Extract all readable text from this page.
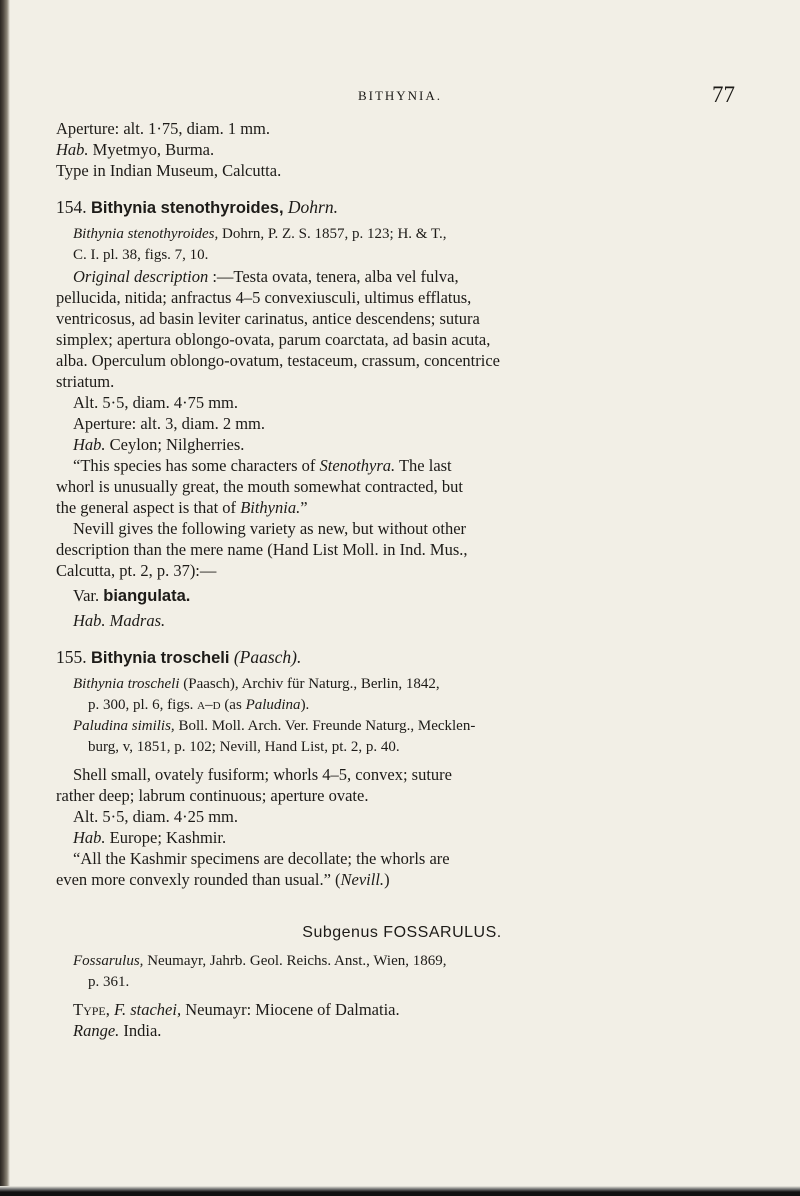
BITHYNIA.	77
Aperture: alt. 1·75, diam. 1 mm.
Hab. Myetmyo, Burma.
Type in Indian Museum, Calcutta.
154. Bithynia stenothyroides, Dohrn.
Bithynia stenothyroides, Dohrn, P. Z. S. 1857, p. 123; H. & T.,
C. I. pl. 38, figs. 7, 10.
Original description :—Testa ovata, tenera, alba vel fulva,
pellucida, nitida; anfractus 4–5 convexiusculi, ultimus efflatus,
ventricosus, ad basin leviter carinatus, antice descendens; sutura
simplex; apertura oblongo-ovata, parum coarctata, ad basin acuta,
alba. Operculum oblongo-ovatum, testaceum, crassum, concentrice
striatum.
Alt. 5·5, diam. 4·75 mm.
Aperture: alt. 3, diam. 2 mm.
Hab. Ceylon; Nilgherries.
“This species has some characters of Stenothyra. The last
whorl is unusually great, the mouth somewhat contracted, but
the general aspect is that of Bithynia.”
Nevill gives the following variety as new, but without other
description than the mere name (Hand List Moll. in Ind. Mus.,
Calcutta, pt. 2, p. 37):—
Var. biangulata.
Hab. Madras.
155. Bithynia troscheli (Paasch).
Bithynia troscheli (Paasch), Archiv für Naturg., Berlin, 1842,
p. 300, pl. 6, figs. a–d (as Paludina).
Paludina similis, Boll. Moll. Arch. Ver. Freunde Naturg., Mecklen-
burg, v, 1851, p. 102; Nevill, Hand List, pt. 2, p. 40.
Shell small, ovately fusiform; whorls 4–5, convex; suture
rather deep; labrum continuous; aperture ovate.
Alt. 5·5, diam. 4·25 mm.
Hab. Europe; Kashmir.
“All the Kashmir specimens are decollate; the whorls are
even more convexly rounded than usual.” (Nevill.)
Subgenus FOSSARULUS.
Fossarulus, Neumayr, Jahrb. Geol. Reichs. Anst., Wien, 1869,
p. 361.
Type, F. stachei, Neumayr: Miocene of Dalmatia.
Range. India.
